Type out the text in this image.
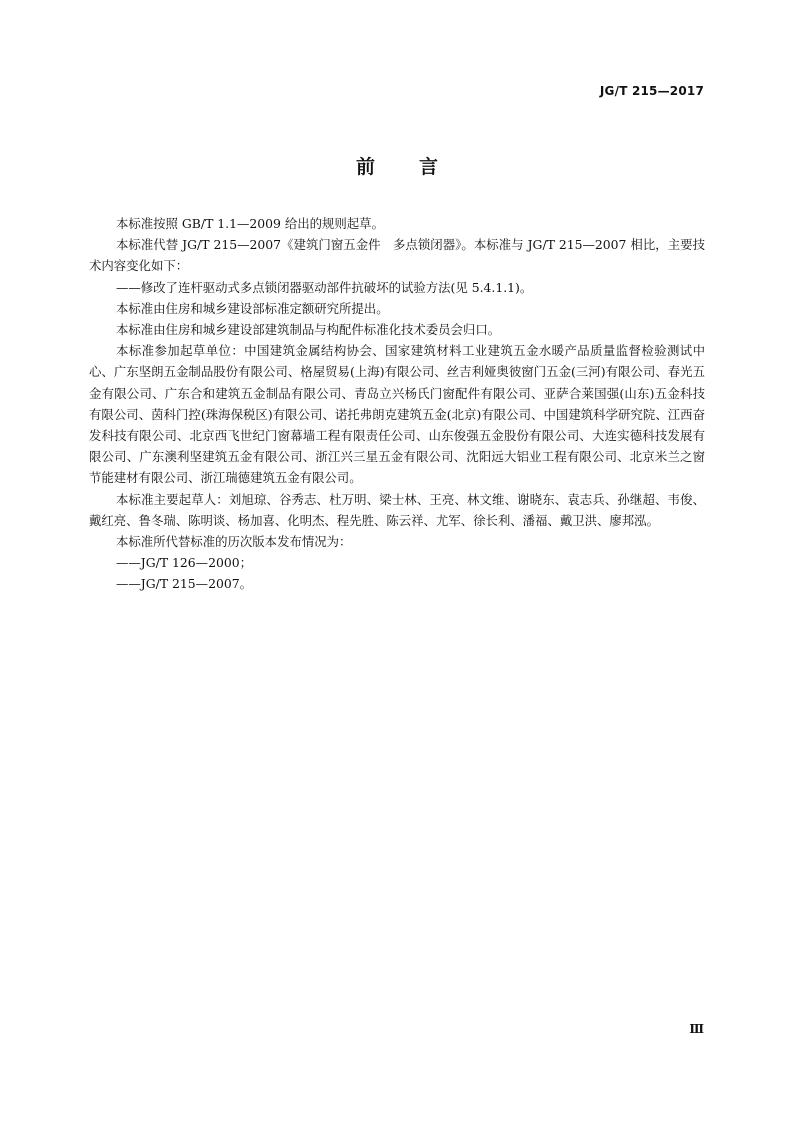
JG/T 215—2017
前言

本标准按照 GB/T 1.1—2009 给出的规则起草。

本标准代替 JG/T 215—2007《建筑门窗五金件　多点锁闭器》。本标准与 JG/T 215—2007 相比，主要技术内容变化如下：

——修改了连杆驱动式多点锁闭器驱动部件抗破坏的试验方法(见 5.4.1.1)。

本标准由住房和城乡建设部标准定额研究所提出。

本标准由住房和城乡建设部建筑制品与构配件标准化技术委员会归口。

本标准参加起草单位：中国建筑金属结构协会、国家建筑材料工业建筑五金水暖产品质量监督检验测试中心、广东坚朗五金制品股份有限公司、格屋贸易(上海)有限公司、丝吉利娅奥彼窗门五金(三河)有限公司、春光五金有限公司、广东合和建筑五金制品有限公司、青岛立兴杨氏门窗配件有限公司、亚萨合莱国强(山东)五金科技有限公司、茵科门控(珠海保税区)有限公司、诺托弗朗克建筑五金(北京)有限公司、中国建筑科学研究院、江西奋发科技有限公司、北京西飞世纪门窗幕墙工程有限责任公司、山东俊强五金股份有限公司、大连实德科技发展有限公司、广东澳利坚建筑五金有限公司、浙江兴三星五金有限公司、沈阳远大铝业工程有限公司、北京米兰之窗节能建材有限公司、浙江瑞德建筑五金有限公司。

本标准主要起草人：刘旭琼、谷秀志、杜万明、梁士林、王亮、林文维、谢晓东、袁志兵、孙继超、韦俊、戴红亮、鲁冬瑞、陈明谈、杨加喜、化明杰、程先胜、陈云祥、尤军、徐长利、潘福、戴卫洪、廖邦泓。

本标准所代替标准的历次版本发布情况为：

——JG/T 126—2000；

——JG/T 215—2007。

Ⅲ
